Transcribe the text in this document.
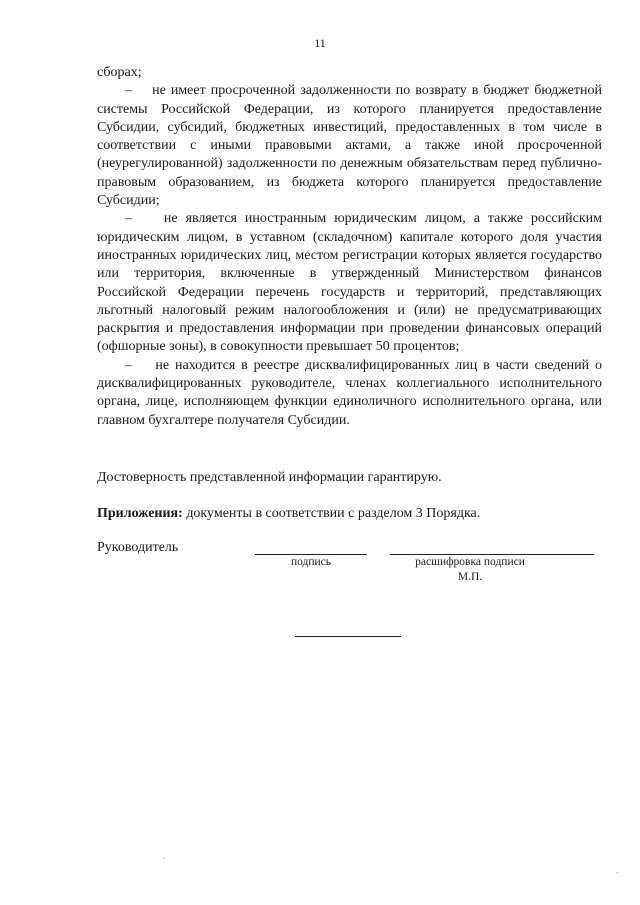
11

сборах;

–    не имеет просроченной задолженности по возврату в бюджет бюджетной системы Российской Федерации, из которого планируется предоставление Субсидии, субсидий, бюджетных инвестиций, предоставленных в том числе в соответствии с иными правовыми актами, а также иной просроченной (неурегулированной) задолженности по денежным обязательствам перед публично-правовым образованием, из бюджета которого планируется предоставление Субсидии;

–    не является иностранным юридическим лицом, а также российским юридическим лицом, в уставном (складочном) капитале которого доля участия иностранных юридических лиц, местом регистрации которых является государство или территория, включенные в утвержденный Министерством финансов Российской Федерации перечень государств и территорий, представляющих льготный налоговый режим налогообложения и (или) не предусматривающих раскрытия и предоставления информации при проведении финансовых операций (офшорные зоны), в совокупности превышает 50 процентов;

–    не находится в реестре дисквалифицированных лиц в части сведений о дисквалифицированных руководителе, членах коллегиального исполнительного органа, лице, исполняющем функции единоличного исполнительного органа, или главном бухгалтере получателя Субсидии.

Достоверность представленной информации гарантирую.

Приложения: документы в соответствии с разделом 3 Порядка.

Руководитель
подпись	расшифровка подписи
М.П.
